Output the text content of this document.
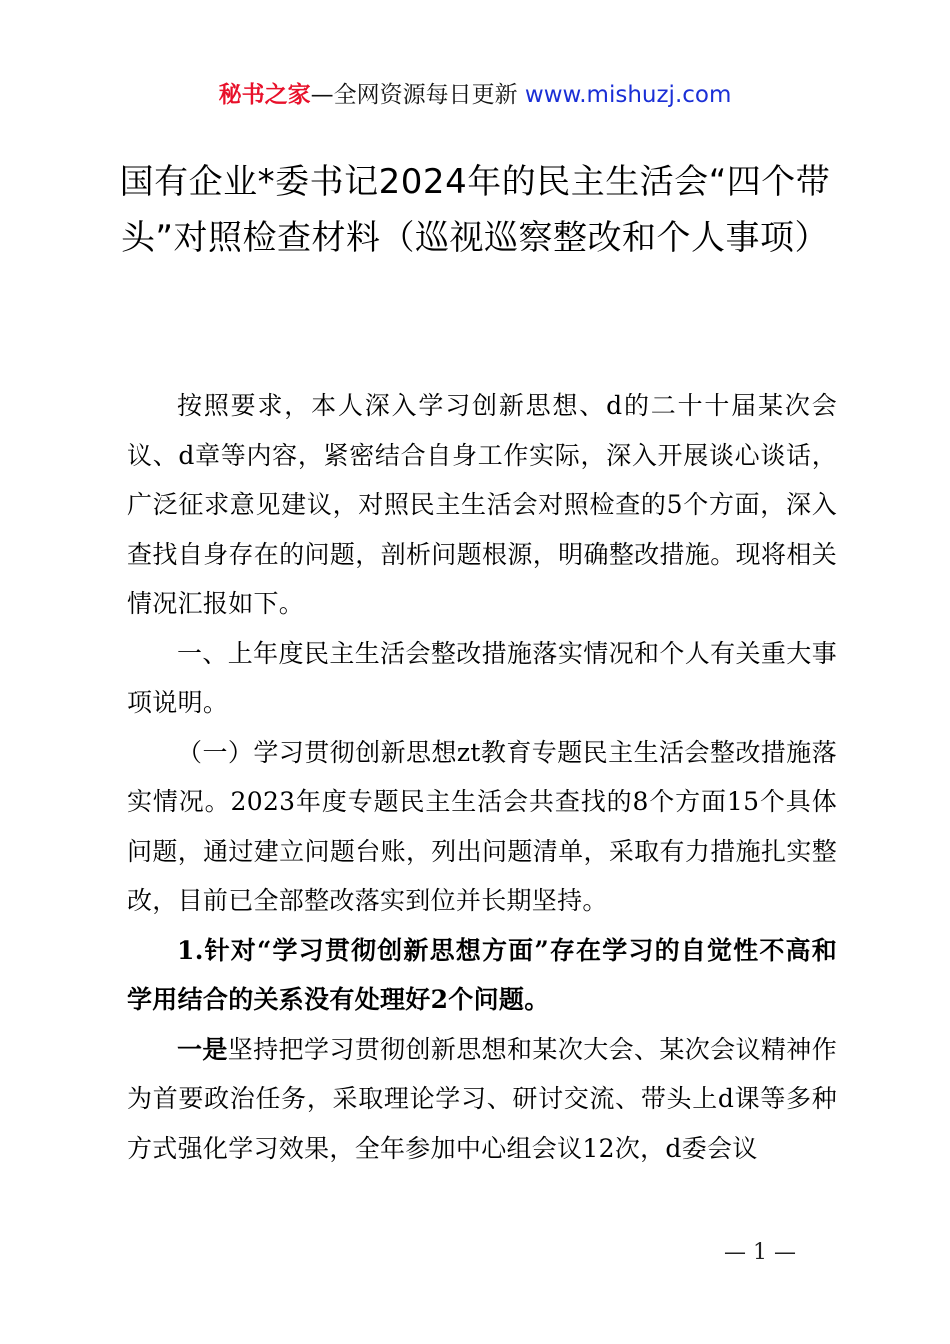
秘书之家—全网资源每日更新 www.mishuzj.com
国有企业*委书记2024年的民主生活会“四个带头”对照检查材料（巡视巡察整改和个人事项）

按照要求，本人深入学习创新思想、d的二十十届某次会议、d章等内容，紧密结合自身工作实际，深入开展谈心谈话，广泛征求意见建议，对照民主生活会对照检查的5个方面，深入查找自身存在的问题，剖析问题根源，明确整改措施。现将相关情况汇报如下。

一、上年度民主生活会整改措施落实情况和个人有关重大事项说明。

（一）学习贯彻创新思想zt教育专题民主生活会整改措施落实情况。2023年度专题民主生活会共查找的8个方面15个具体问题，通过建立问题台账，列出问题清单，采取有力措施扎实整改，目前已全部整改落实到位并长期坚持。

1.针对“学习贯彻创新思想方面”存在学习的自觉性不高和学用结合的关系没有处理好2个问题。

一是坚持把学习贯彻创新思想和某次大会、某次会议精神作为首要政治任务，采取理论学习、研讨交流、带头上d课等多种方式强化学习效果，全年参加中心组会议12次，d委会议

— 1 —
